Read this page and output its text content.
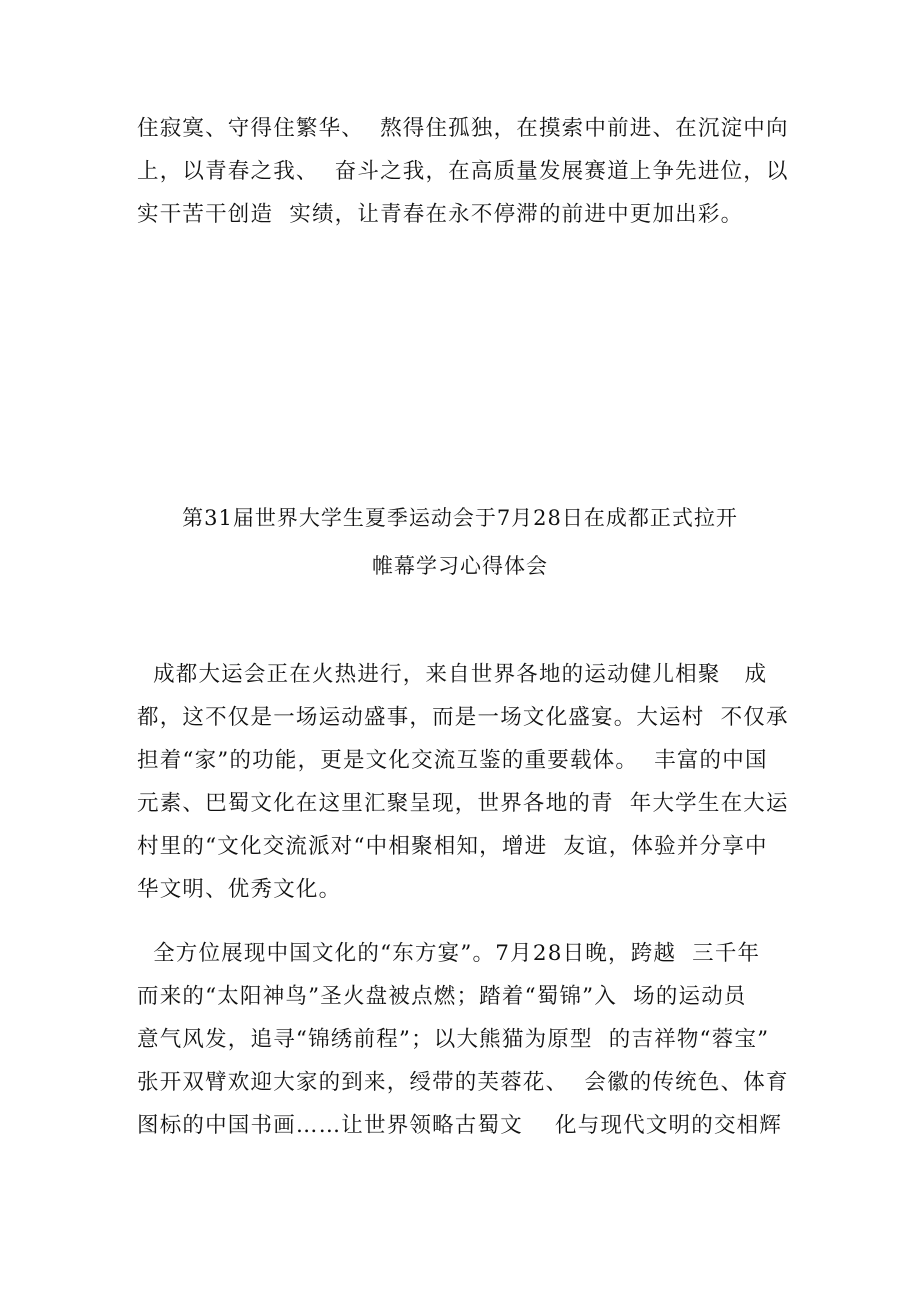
住寂寞、守得住繁华、  熬得住孤独，在摸索中前进、在沉淀中向
上，以青春之我、  奋斗之我，在高质量发展赛道上争先进位，以
实干苦干创造  实绩，让青春在永不停滞的前进中更加出彩。
第31届世界大学生夏季运动会于7月28日在成都正式拉开
帷幕学习心得体会
成都大运会正在火热进行，来自世界各地的运动健儿相聚   成
都，这不仅是一场运动盛事，而是一场文化盛宴。大运村  不仅承
担着“家”的功能，更是文化交流互鉴的重要载体。  丰富的中国
元素、巴蜀文化在这里汇聚呈现，世界各地的青  年大学生在大运
村里的“文化交流派对“中相聚相知，增进  友谊，体验并分享中
华文明、优秀文化。
全方位展现中国文化的“东方宴”。7月28日晚，跨越  三千年
而来的“太阳神鸟”圣火盘被点燃；踏着“蜀锦”入  场的运动员
意气风发，追寻“锦绣前程”；以大熊猫为原型  的吉祥物“蓉宝”
张开双臂欢迎大家的到来，绶带的芙蓉花、  会徽的传统色、体育
图标的中国书画……让世界领略古蜀文    化与现代文明的交相辉
